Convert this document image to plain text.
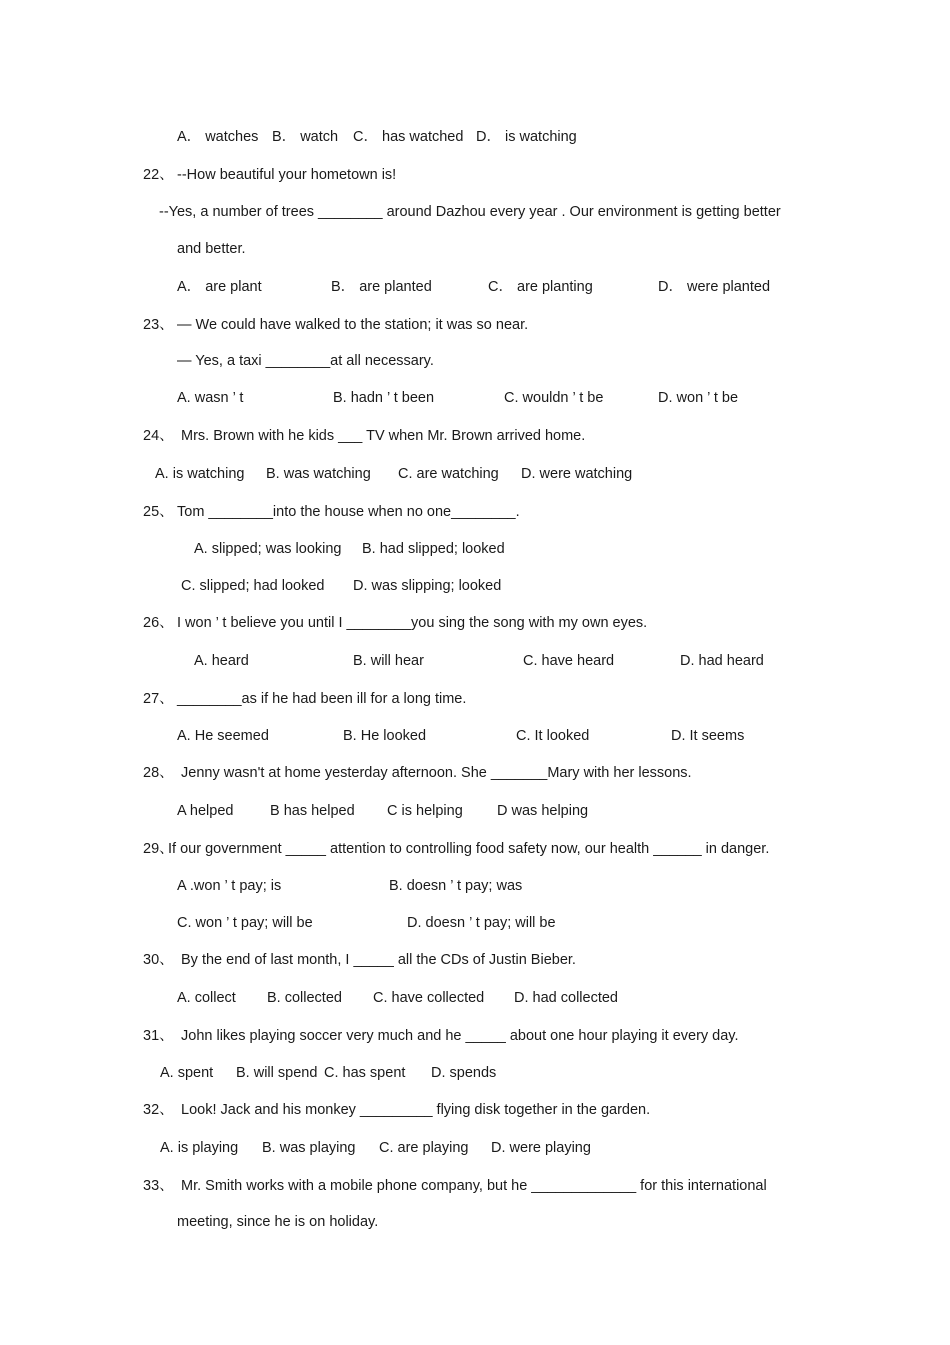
A． watches B． watch C． has watched D． is watching
22、 --How beautiful your hometown is!
--Yes, a number of trees ________ around Dazhou every year . Our environment is getting better
and better.
A． are plant	B． are planted	C． are planting	D． were planted
23、 — We could have walked to the station; it was so near.
— Yes, a taxi ________at all necessary.
A. wasn ’ t	B. hadn ’ t been	C. wouldn ’ t be	D. won ’ t be
24、 Mrs. Brown with he kids ___ TV when Mr. Brown arrived home.
A. is watching B. was watching C. are watching D. were watching
25、 Tom ________into the house when no one________.
A. slipped; was looking B. had slipped; looked
C. slipped; had looked D. was slipping; looked
26、 I won ’ t believe you until I ________you sing the song with my own eyes.
A. heard	B. will hear	C. have heard	D. had heard
27、 ________as if he had been ill for a long time.
A. He seemed	B. He looked	C. It looked	D. It seems
28、 Jenny wasn't at home yesterday afternoon. She _______Mary with her lessons.
A helped	B has helped C is helping D was helping
29、
If our government _____ attention to controlling food safety now, our health ______ in danger.
A .won ’ t pay; is	B. doesn ’ t pay; was
C. won ’ t pay; will be	D. doesn ’ t pay; will be
30、 By the end of last month, I _____ all the CDs of Justin Bieber.
A. collect B. collected C. have collected D. had collected
31、 John likes playing soccer very much and he _____ about one hour playing it every day.
A. spent B. will spend C. has spent D. spends
32、 Look! Jack and his monkey _________ flying disk together in the garden.
A. is playing B. was playing C. are playing D. were playing
33、 Mr. Smith works with a mobile phone company, but he _____________ for this international
meeting, since he is on holiday.
